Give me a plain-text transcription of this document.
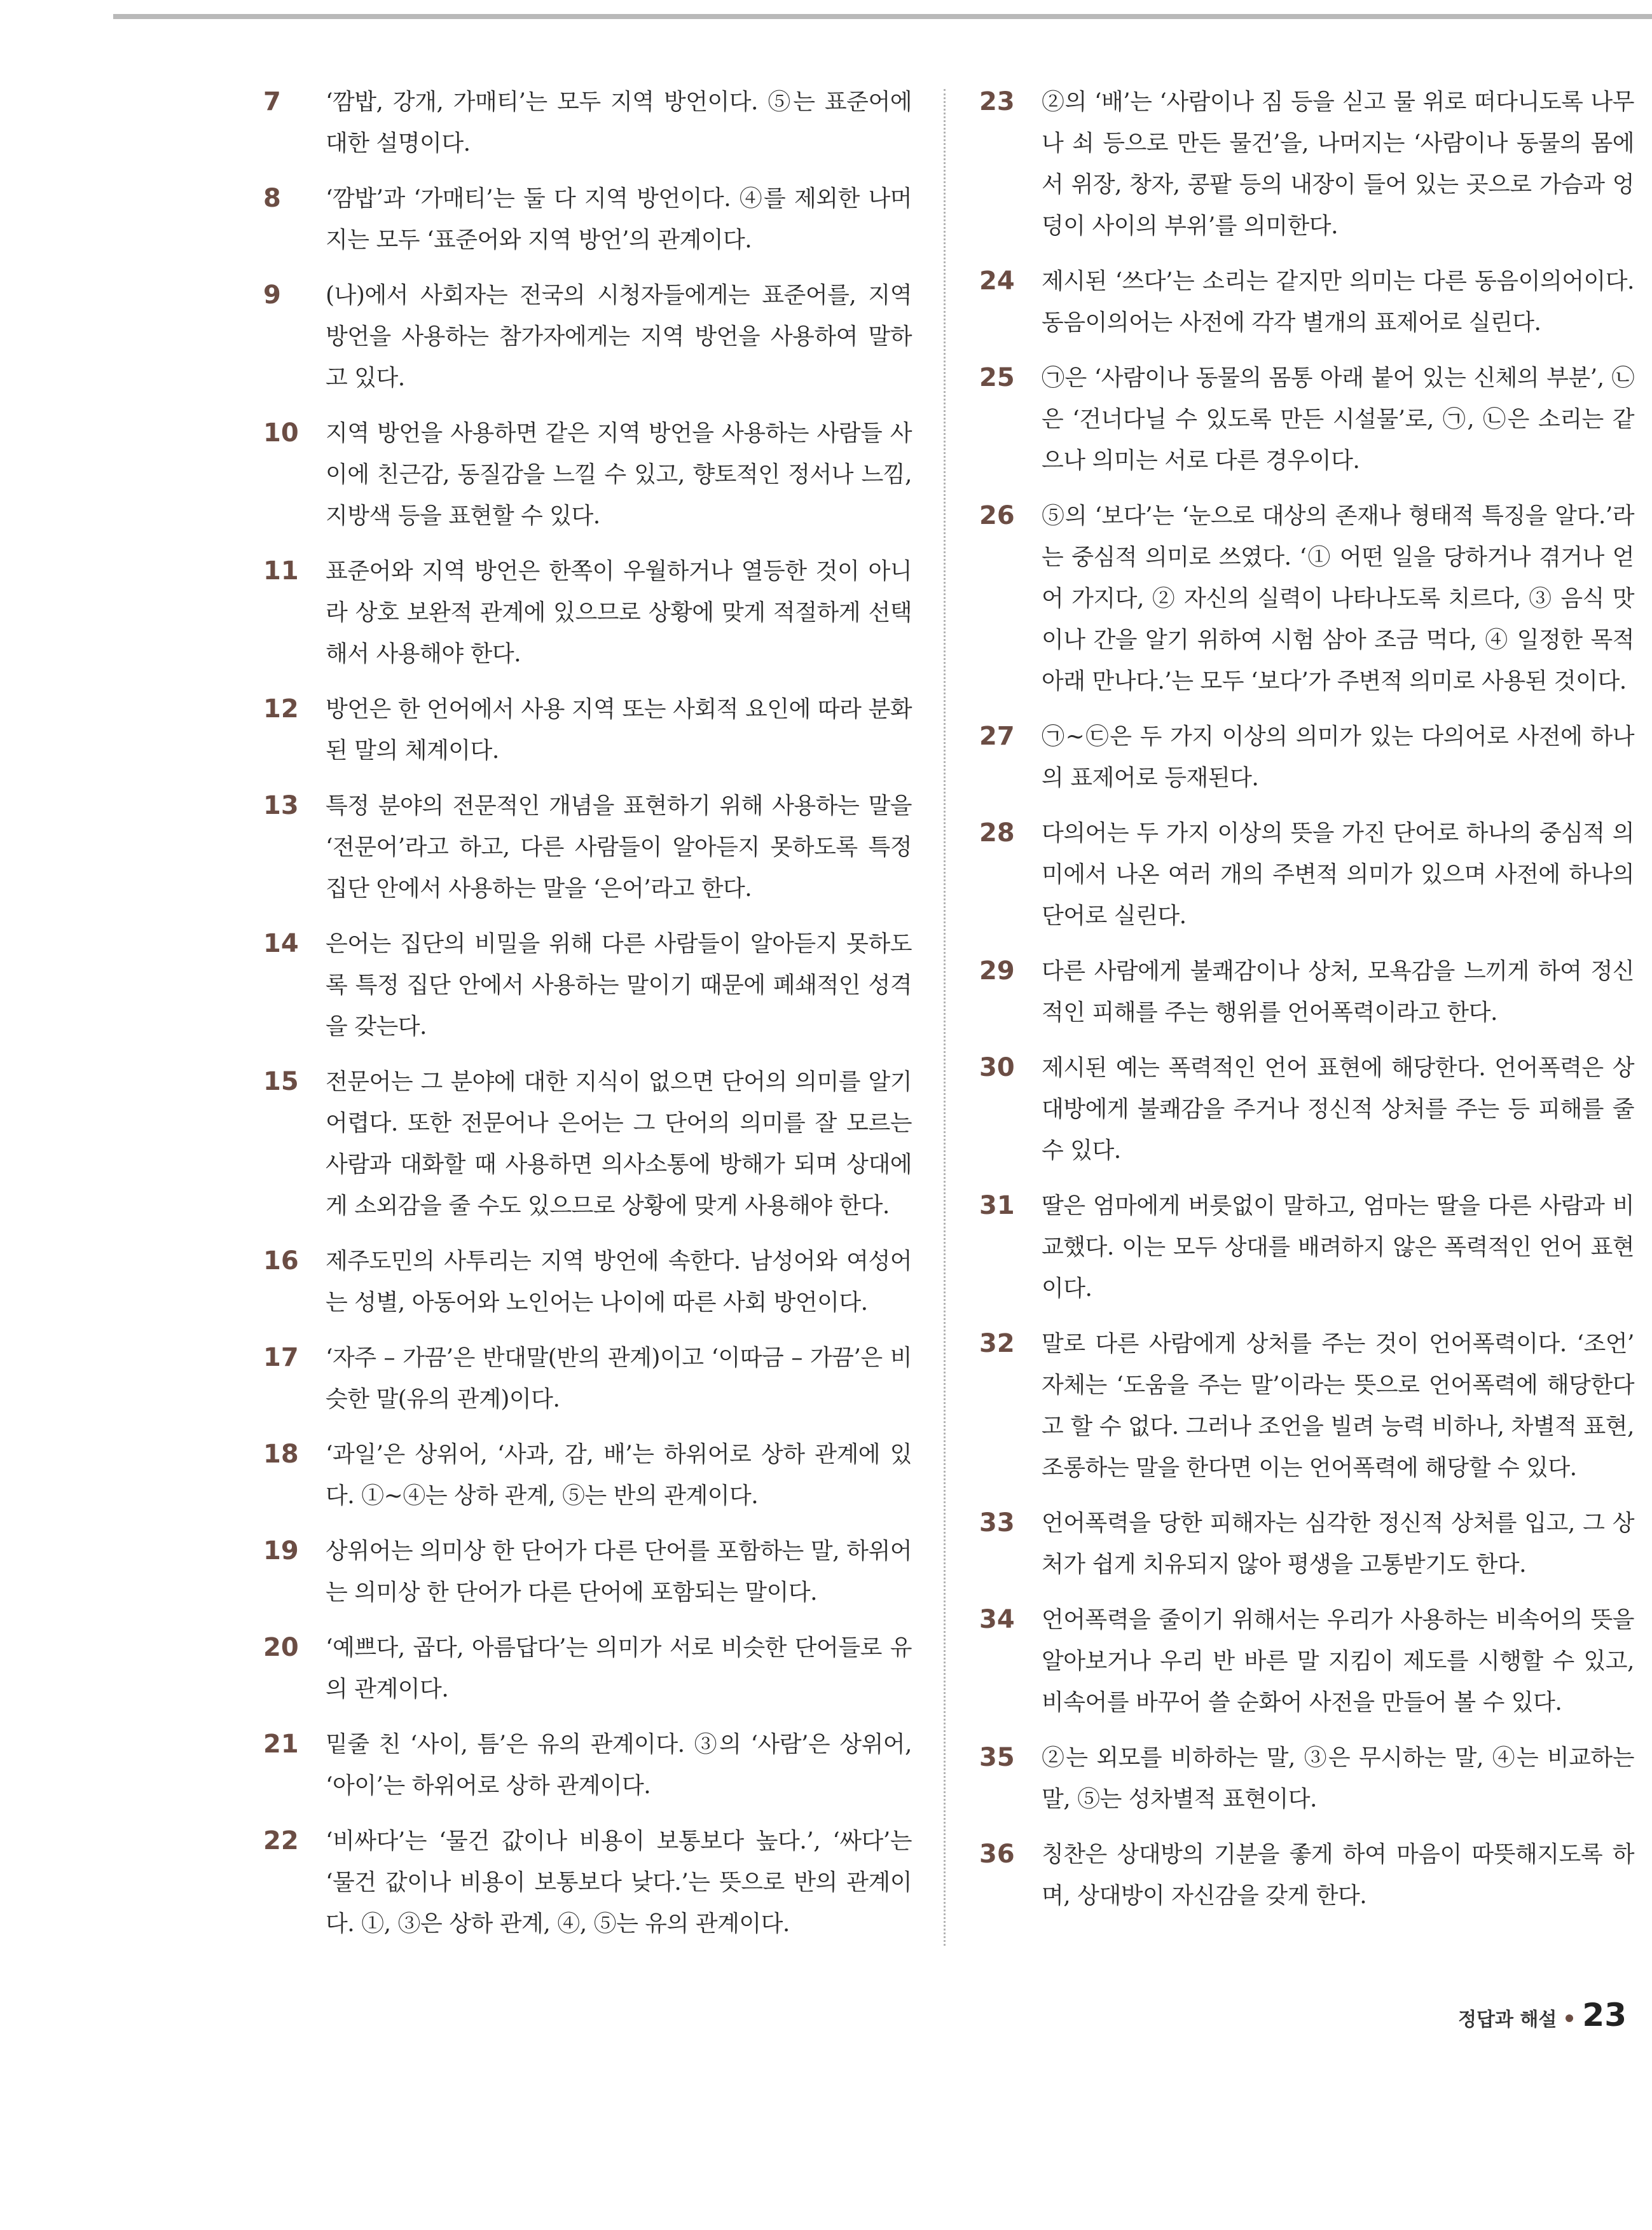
7	‘깜밥, 강개, 가매티’는 모두 지역 방언이다. ⑤는 표준어에 대한 설명이다.
8	‘깜밥’과 ‘가매티’는 둘 다 지역 방언이다. ④를 제외한 나머지는 모두 ‘표준어와 지역 방언’의 관계이다.
9	(나)에서 사회자는 전국의 시청자들에게는 표준어를, 지역 방언을 사용하는 참가자에게는 지역 방언을 사용하여 말하고 있다.
10	지역 방언을 사용하면 같은 지역 방언을 사용하는 사람들 사이에 친근감, 동질감을 느낄 수 있고, 향토적인 정서나 느낌, 지방색 등을 표현할 수 있다.
11	표준어와 지역 방언은 한쪽이 우월하거나 열등한 것이 아니라 상호 보완적 관계에 있으므로 상황에 맞게 적절하게 선택해서 사용해야 한다.
12	방언은 한 언어에서 사용 지역 또는 사회적 요인에 따라 분화된 말의 체계이다.
13	특정 분야의 전문적인 개념을 표현하기 위해 사용하는 말을 ‘전문어’라고 하고, 다른 사람들이 알아듣지 못하도록 특정 집단 안에서 사용하는 말을 ‘은어’라고 한다.
14	은어는 집단의 비밀을 위해 다른 사람들이 알아듣지 못하도록 특정 집단 안에서 사용하는 말이기 때문에 폐쇄적인 성격을 갖는다.
15	전문어는 그 분야에 대한 지식이 없으면 단어의 의미를 알기 어렵다. 또한 전문어나 은어는 그 단어의 의미를 잘 모르는 사람과 대화할 때 사용하면 의사소통에 방해가 되며 상대에게 소외감을 줄 수도 있으므로 상황에 맞게 사용해야 한다.
16	제주도민의 사투리는 지역 방언에 속한다. 남성어와 여성어는 성별, 아동어와 노인어는 나이에 따른 사회 방언이다.
17	‘자주 – 가끔’은 반대말(반의 관계)이고 ‘이따금 – 가끔’은 비슷한 말(유의 관계)이다.
18	‘과일’은 상위어, ‘사과, 감, 배’는 하위어로 상하 관계에 있다. ①~④는 상하 관계, ⑤는 반의 관계이다.
19	상위어는 의미상 한 단어가 다른 단어를 포함하는 말, 하위어는 의미상 한 단어가 다른 단어에 포함되는 말이다.
20	‘예쁘다, 곱다, 아름답다’는 의미가 서로 비슷한 단어들로 유의 관계이다.
21	밑줄 친 ‘사이, 틈’은 유의 관계이다. ③의 ‘사람’은 상위어, ‘아이’는 하위어로 상하 관계이다.
22	‘비싸다’는 ‘물건 값이나 비용이 보통보다 높다.’, ‘싸다’는 ‘물건 값이나 비용이 보통보다 낮다.’는 뜻으로 반의 관계이다. ①, ③은 상하 관계, ④, ⑤는 유의 관계이다.
23	②의 ‘배’는 ‘사람이나 짐 등을 싣고 물 위로 떠다니도록 나무나 쇠 등으로 만든 물건’을, 나머지는 ‘사람이나 동물의 몸에서 위장, 창자, 콩팥 등의 내장이 들어 있는 곳으로 가슴과 엉덩이 사이의 부위’를 의미한다.
24	제시된 ‘쓰다’는 소리는 같지만 의미는 다른 동음이의어이다. 동음이의어는 사전에 각각 별개의 표제어로 실린다.
25	㉠은 ‘사람이나 동물의 몸통 아래 붙어 있는 신체의 부분’, ㉡은 ‘건너다닐 수 있도록 만든 시설물’로, ㉠, ㉡은 소리는 같으나 의미는 서로 다른 경우이다.
26	⑤의 ‘보다’는 ‘눈으로 대상의 존재나 형태적 특징을 알다.’라는 중심적 의미로 쓰였다. ‘① 어떤 일을 당하거나 겪거나 얻어 가지다, ② 자신의 실력이 나타나도록 치르다, ③ 음식 맛이나 간을 알기 위하여 시험 삼아 조금 먹다, ④ 일정한 목적 아래 만나다.’는 모두 ‘보다’가 주변적 의미로 사용된 것이다.
27	㉠~㉢은 두 가지 이상의 의미가 있는 다의어로 사전에 하나의 표제어로 등재된다.
28	다의어는 두 가지 이상의 뜻을 가진 단어로 하나의 중심적 의미에서 나온 여러 개의 주변적 의미가 있으며 사전에 하나의 단어로 실린다.
29	다른 사람에게 불쾌감이나 상처, 모욕감을 느끼게 하여 정신적인 피해를 주는 행위를 언어폭력이라고 한다.
30	제시된 예는 폭력적인 언어 표현에 해당한다. 언어폭력은 상대방에게 불쾌감을 주거나 정신적 상처를 주는 등 피해를 줄 수 있다.
31	딸은 엄마에게 버릇없이 말하고, 엄마는 딸을 다른 사람과 비교했다. 이는 모두 상대를 배려하지 않은 폭력적인 언어 표현이다.
32	말로 다른 사람에게 상처를 주는 것이 언어폭력이다. ‘조언’ 자체는 ‘도움을 주는 말’이라는 뜻으로 언어폭력에 해당한다고 할 수 없다. 그러나 조언을 빌려 능력 비하나, 차별적 표현, 조롱하는 말을 한다면 이는 언어폭력에 해당할 수 있다.
33	언어폭력을 당한 피해자는 심각한 정신적 상처를 입고, 그 상처가 쉽게 치유되지 않아 평생을 고통받기도 한다.
34	언어폭력을 줄이기 위해서는 우리가 사용하는 비속어의 뜻을 알아보거나 우리 반 바른 말 지킴이 제도를 시행할 수 있고, 비속어를 바꾸어 쓸 순화어 사전을 만들어 볼 수 있다.
35	②는 외모를 비하하는 말, ③은 무시하는 말, ④는 비교하는 말, ⑤는 성차별적 표현이다.
36	칭찬은 상대방의 기분을 좋게 하여 마음이 따뜻해지도록 하며, 상대방이 자신감을 갖게 한다.
정답과 해설 23
